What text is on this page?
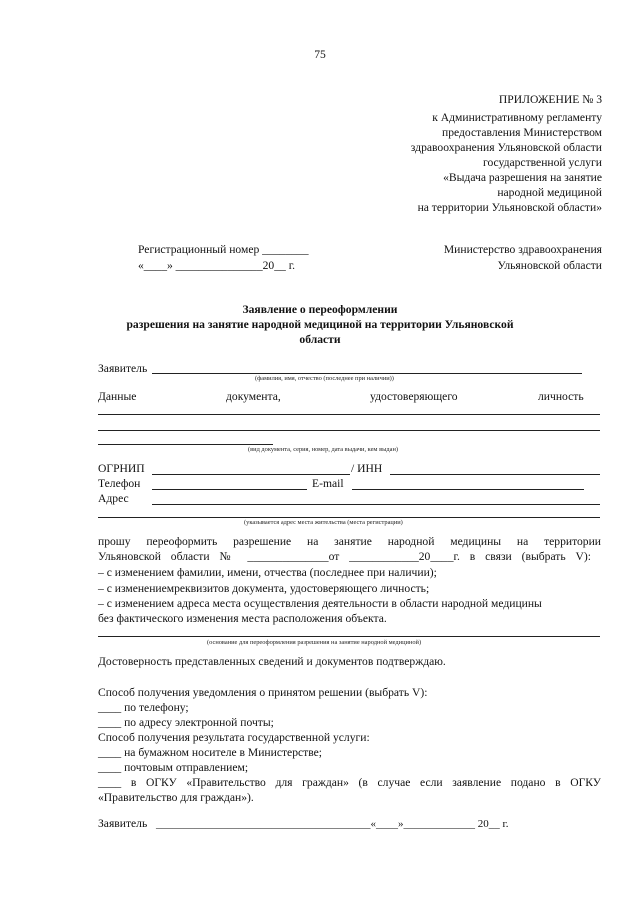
75
ПРИЛОЖЕНИЕ № 3
к Административному регламенту
предоставления Министерством
здравоохранения Ульяновской области
государственной услуги
«Выдача разрешения на занятие
народной медициной
на территории Ульяновской области»
Регистрационный номер ________
«____» _______________20__ г.
Министерство здравоохранения
Ульяновской области
Заявление о переоформлении
разрешения на занятие народной медициной на территории Ульяновской
области
Заявитель
(фамилия, имя, отчество (последнее при наличии))
Данные	документа,	удостоверяющего	личность
(вид документа, серия, номер, дата выдачи, кем выдан)
ОГРНИП	/ ИНН
Телефон	E-mail
Адрес
(указывается адрес места жительства (места регистрации)
прошу переоформить разрешение на занятие народной медицины на территории
Ульяновской области № ______________от ____________20____г. в связи (выбрать V):
– с изменением фамилии, имени, отчества (последнее при наличии);
– с изменениемреквизитов документа, удостоверяющего личность;
– с изменением адреса места осуществления деятельности в области народной медицины
без фактического изменения места расположения объекта.
(основание для переоформления разрешения на занятие народной медициной)
Достоверность представленных сведений и документов подтверждаю.
Способ получения уведомления о принятом решении (выбрать V):
____ по телефону;
____ по адресу электронной почты;
Способ получения результата государственной услуги:
____ на бумажном носителе в Министерстве;
____ почтовым отправлением;
____ в ОГКУ «Правительство для граждан» (в случае если заявление подано в ОГКУ
«Правительство для граждан»).
Заявитель _______________________________________«____»_____________ 20__ г.
